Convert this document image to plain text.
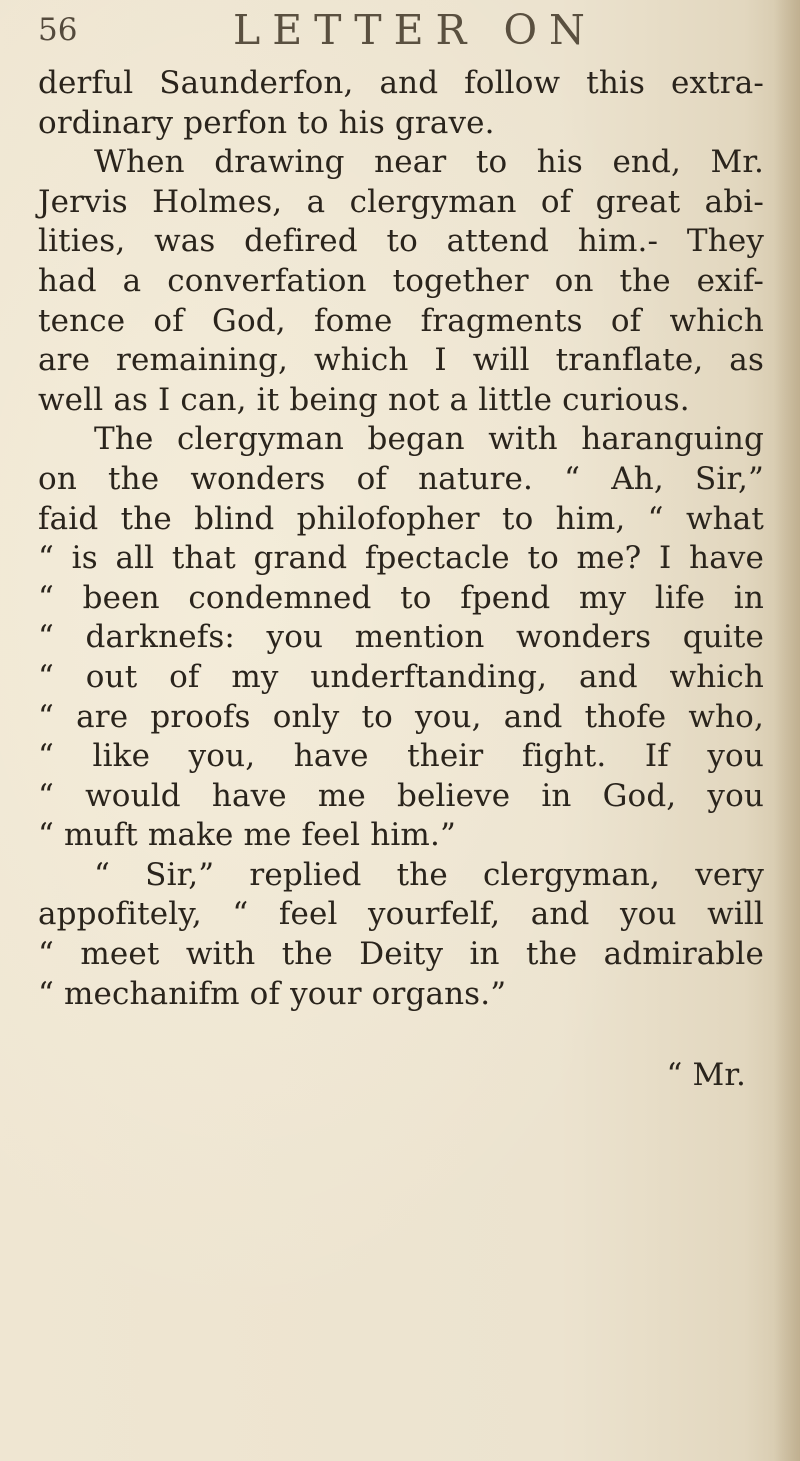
56	LETTER ON
derful Saunderfon, and follow this extra-
ordinary perfon to his grave.
When drawing near to his end, Mr.
Jervis Holmes, a clergyman of great abi-
lities, was defired to attend him.- They
had a converfation together on the exif-
tence of God, fome fragments of which
are remaining, which I will tranflate, as
well as I can, it being not a little curious.
The clergyman began with haranguing
on the wonders of nature. “ Ah, Sir,”
faid the blind philofopher to him, “ what
“ is all that grand fpectacle to me? I have
“ been condemned to fpend my life in
“ darknefs: you mention wonders quite
“ out of my underftanding, and which
“ are proofs only to you, and thofe who,
“ like you, have their fight. If you
“ would have me believe in God, you
“ muft make me feel him.”
“ Sir,” replied the clergyman, very
appofitely, “ feel yourfelf, and you will
“ meet with the Deity in the admirable
“ mechanifm of your organs.”
“ Mr.
